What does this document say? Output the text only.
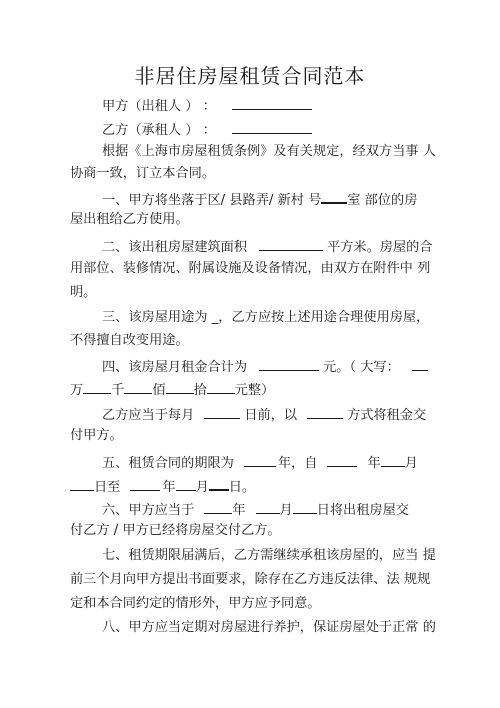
非居住房屋租赁合同范本
甲方（出租人 ） ：
乙方（承租人 ） ：
根据《上海市房屋租赁条例》及有关规定，经双方当事 人
协商一致，订立本合同。
一、甲方将坐落于区/ 县路弄/ 新村 号 室 部位的房
屋出租给乙方使用。
二、该出租房屋建筑面积	平方米。房屋的合
用部位、装修情况、附属设施及设备情况，由双方在附件中 列
明。
三、该房屋用途为 _，乙方应按上述用途合理使用房屋，
不得擅自改变用途。
四、该房屋月租金合计为	元。（ 大写：
万 千 佰 拾 元整）
乙方应当于每月	日前，以	方式将租金交
付甲方。
五、租赁合同的期限为	年，自	年 月
日至	年 月 日。
六、甲方应当于	年	月 日将出租房屋交
付乙方 / 甲方已经将房屋交付乙方。
七、租赁期限届满后，乙方需继续承租该房屋的，应当 提
前三个月向甲方提出书面要求，除存在乙方违反法律、法 规规
定和本合同约定的情形外，甲方应予同意。
八、甲方应当定期对房屋进行养护，保证房屋处于正常 的
